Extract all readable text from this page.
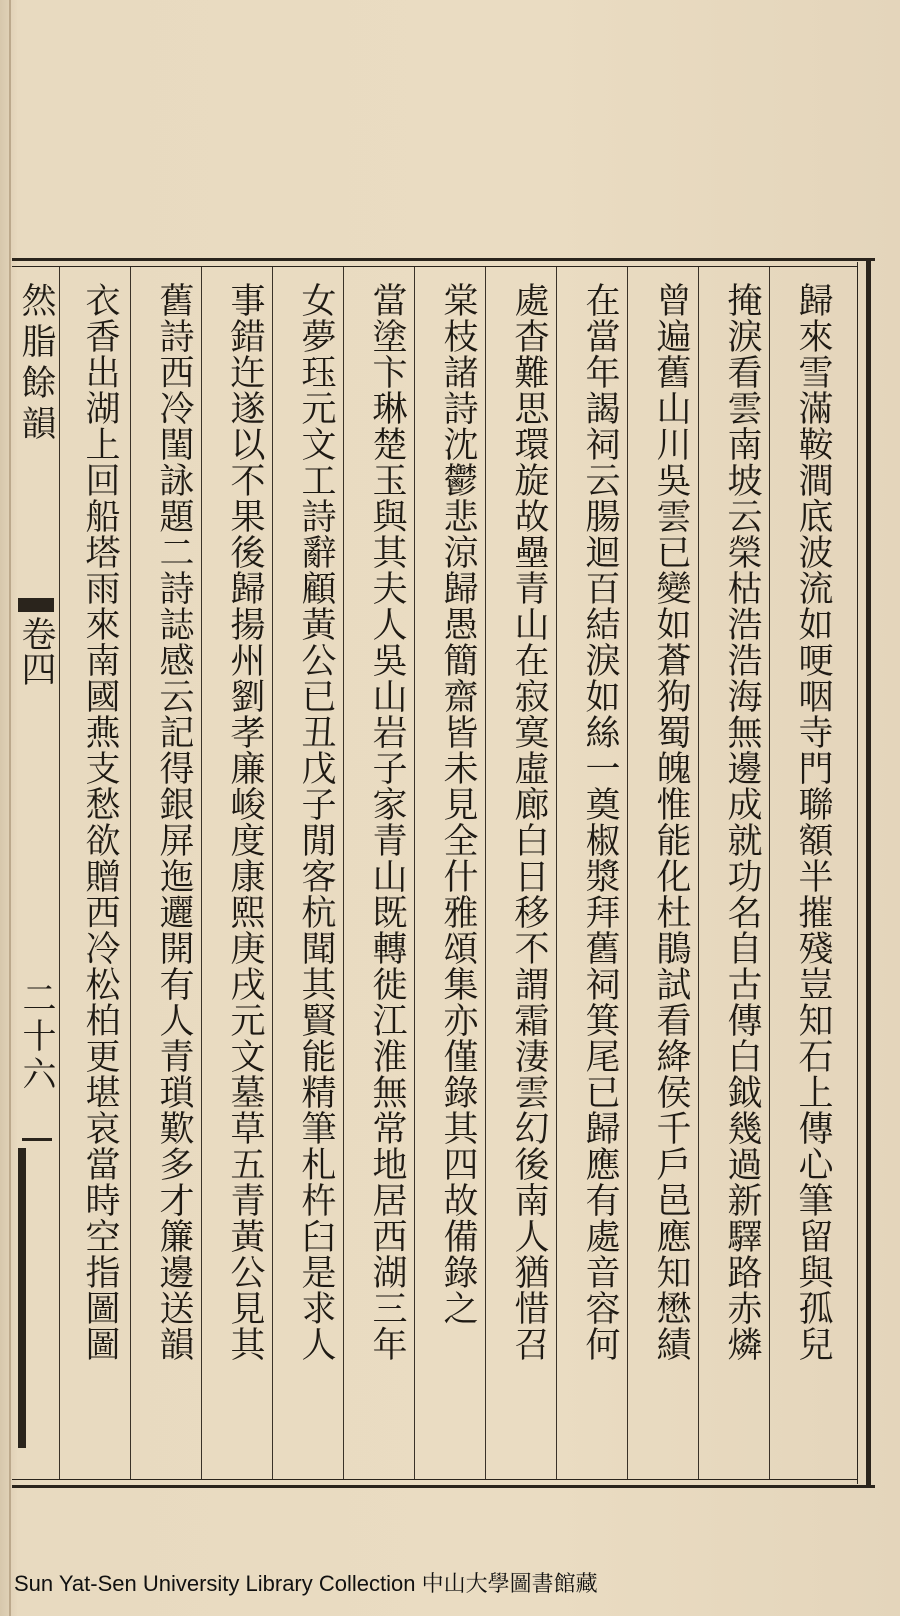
然脂餘韻
卷四
二十六	歸來雪滿鞍澗底波流如哽咽寺門聯額半摧殘豈知石上傳心筆留與孤兒
掩淚看雲南坡云榮枯浩浩海無邊成就功名自古傳白鉞幾過新驛路赤燐
曾遍舊山川吳雲已變如蒼狗蜀魄惟能化杜鵑試看絳侯千戶邑應知懋績
在當年謁祠云腸迴百結淚如絲一奠椒漿拜舊祠箕尾已歸應有處音容何
處杳難思環旋故壘青山在寂寞虛廊白日移不謂霜淒雲幻後南人猶惜召
棠枝諸詩沈鬱悲涼歸愚簡齋皆未見全什雅頌集亦僅錄其四故備錄之
當塗卞琳楚玉與其夫人吳山岩子家青山既轉徙江淮無常地居西湖三年
女夢珏元文工詩辭顧黃公已丑戊子閒客杭聞其賢能精筆札杵臼是求人
事錯迕遂以不果後歸揚州劉孝廉峻度康熙庚戌元文墓草五青黃公見其
舊詩西冷閨詠題二詩誌感云記得銀屏迤邐開有人青瑣歎多才簾邊送韻
衣香出湖上回船塔雨來南國燕支愁欲贈西冷松柏更堪哀當時空指圖圖
Sun Yat-Sen University Library Collection 中山大學圖書館藏
